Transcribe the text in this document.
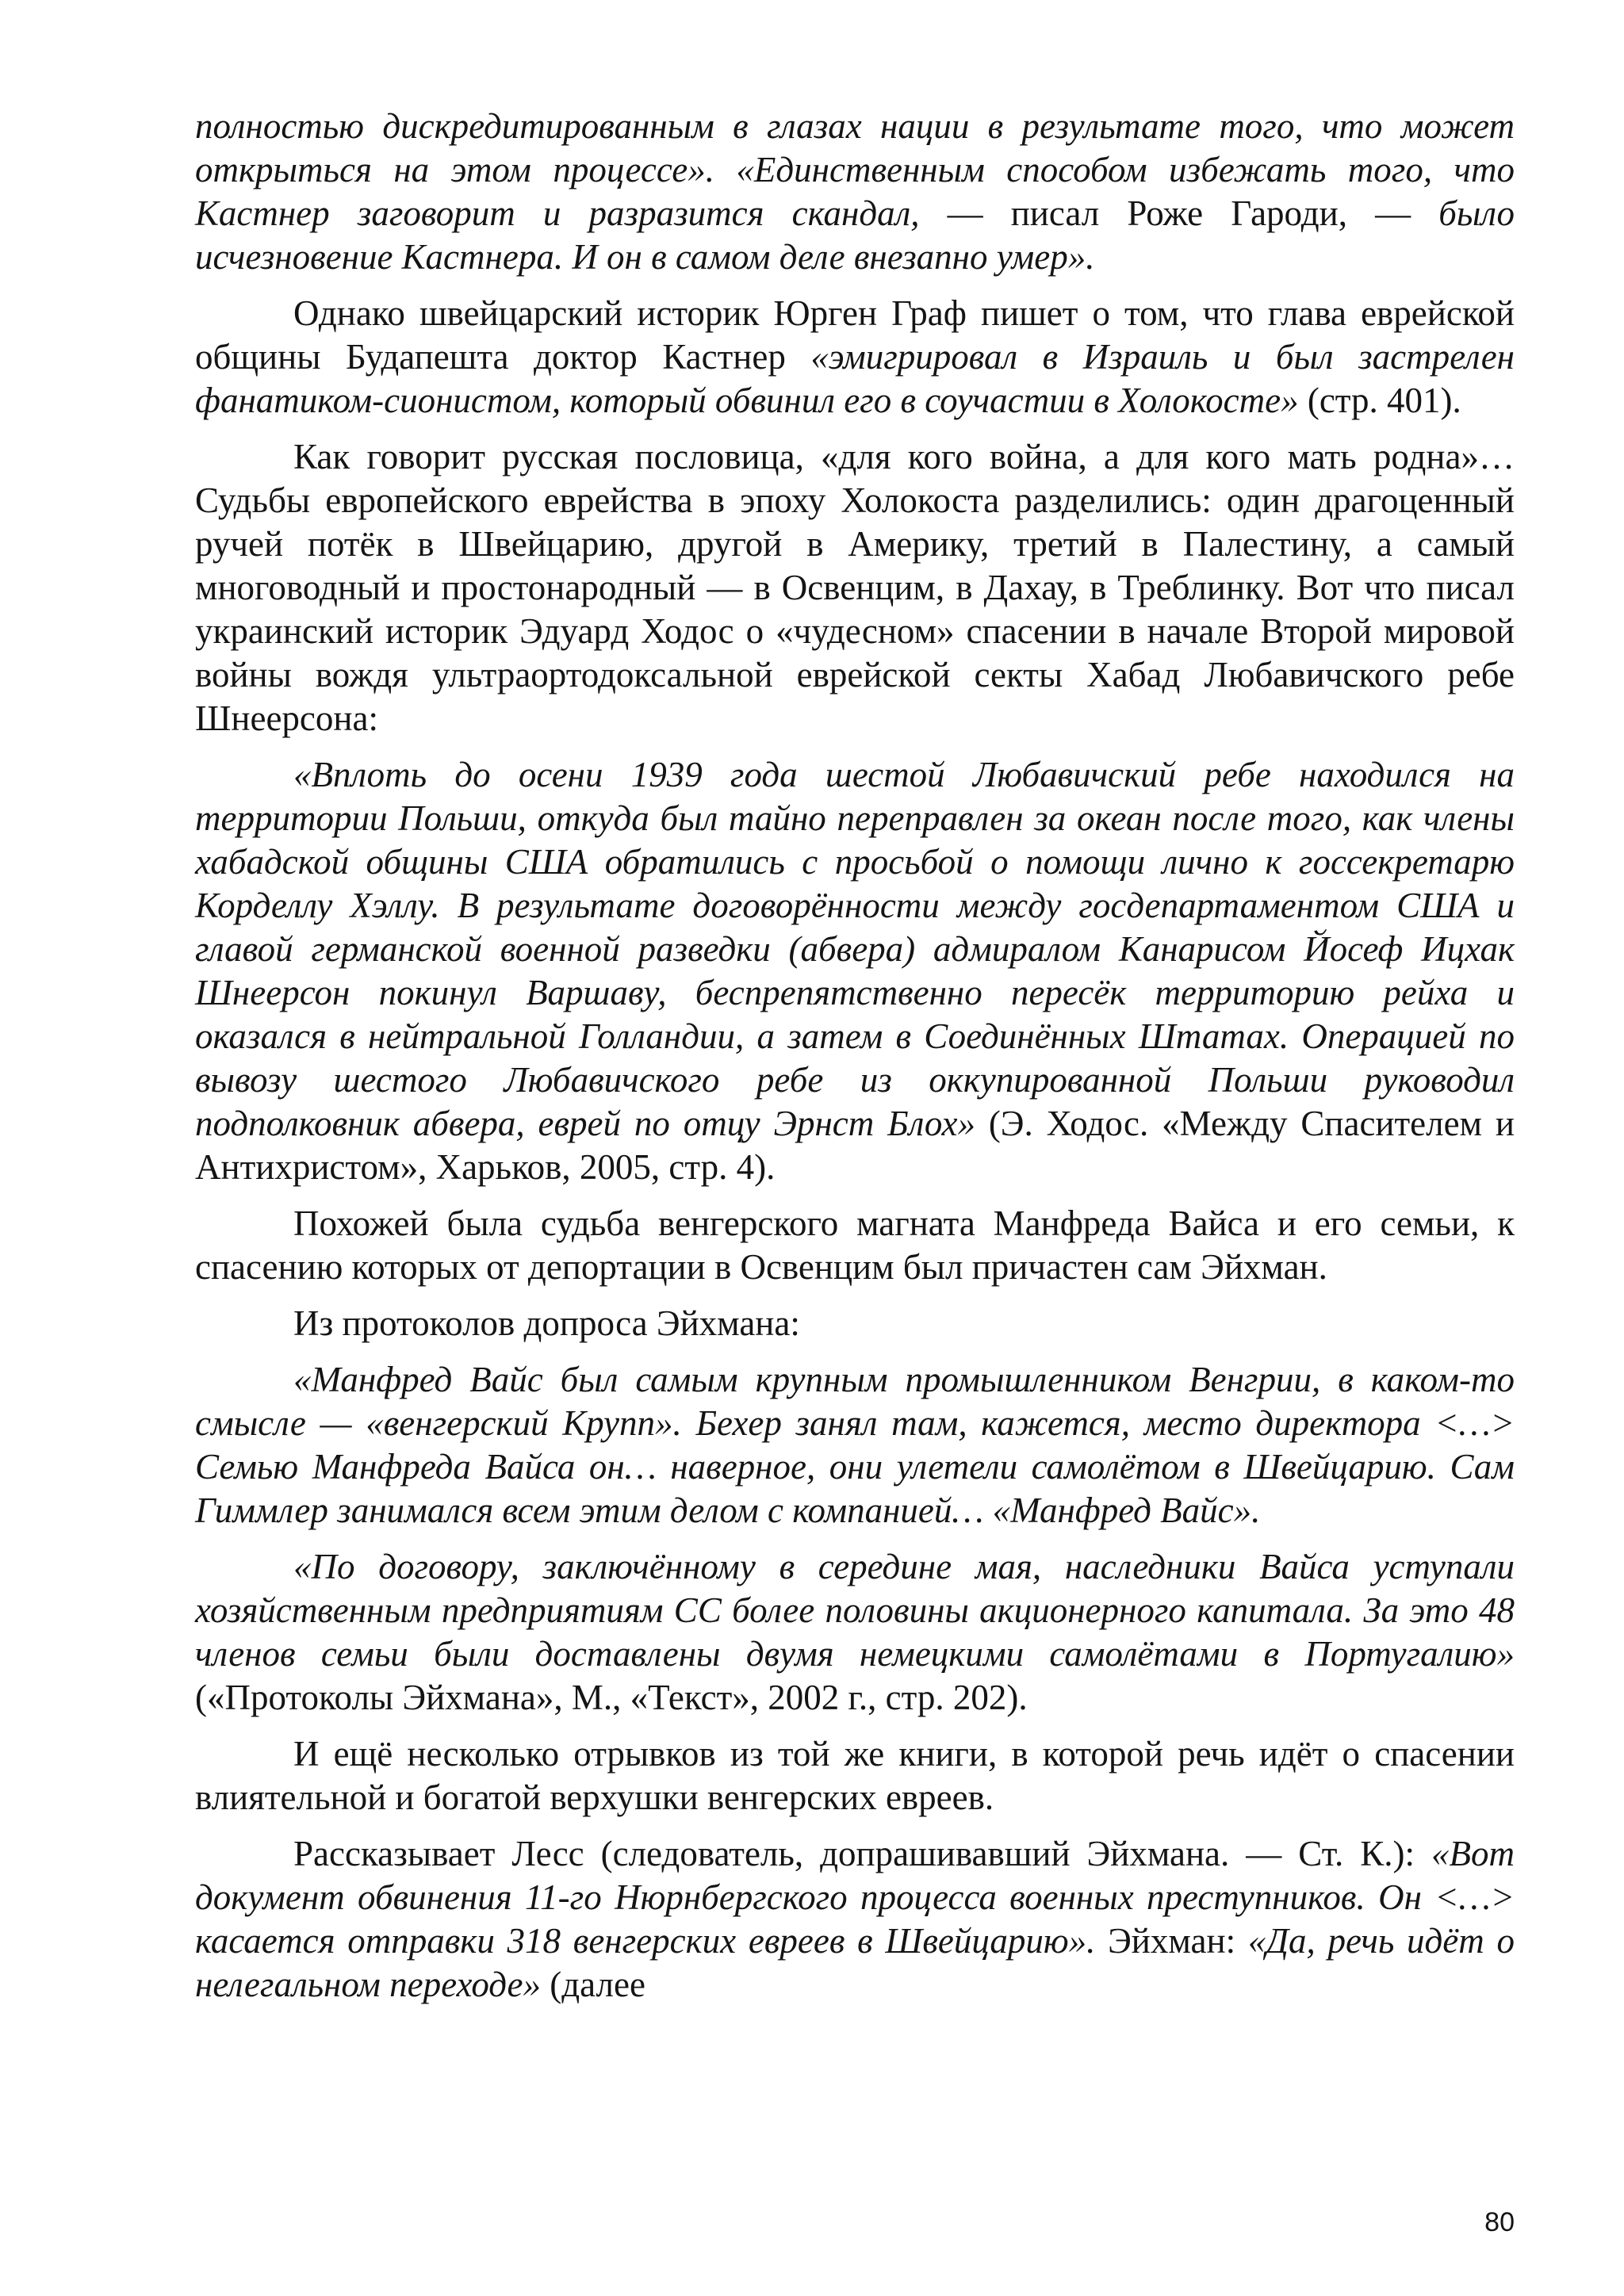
полностью дискредитированным в глазах нации в результате того, что может открыться на этом процессе». «Единственным способом избежать того, что Кастнер заговорит и разразится скандал, — писал Роже Гароди, — было исчезновение Кастнера. И он в самом деле внезапно умер».

Однако швейцарский историк Юрген Граф пишет о том, что глава еврейской общины Будапешта доктор Кастнер «эмигрировал в Израиль и был застрелен фанатиком-сионистом, который обвинил его в соучастии в Холокосте» (стр. 401).

Как говорит русская пословица, «для кого война, а для кого мать родна»… Судьбы европейского еврейства в эпоху Холокоста разделились: один драгоценный ручей потёк в Швейцарию, другой в Америку, третий в Палестину, а самый многоводный и простонародный — в Освенцим, в Дахау, в Треблинку. Вот что писал украинский историк Эдуард Ходос о «чудесном» спасении в начале Второй мировой войны вождя ультраортодоксальной еврейской секты Хабад Любавичского ребе Шнеерсона:

«Вплоть до осени 1939 года шестой Любавичский ребе находился на территории Польши, откуда был тайно переправлен за океан после того, как члены хабадской общины США обратились с просьбой о помощи лично к госсекретарю Корделлу Хэллу. В результате договорённости между госдепартаментом США и главой германской военной разведки (абвера) адмиралом Канарисом Йосеф Ицхак Шнеерсон покинул Варшаву, беспрепятственно пересёк территорию рейха и оказался в нейтральной Голландии, а затем в Соединённых Штатах. Операцией по вывозу шестого Любавичского ребе из оккупированной Польши руководил подполковник абвера, еврей по отцу Эрнст Блох» (Э. Ходос. «Между Спасителем и Антихристом», Харьков, 2005, стр. 4).

Похожей была судьба венгерского магната Манфреда Вайса и его семьи, к спасению которых от депортации в Освенцим был причастен сам Эйхман.

Из протоколов допроса Эйхмана:

«Манфред Вайс был самым крупным промышленником Венгрии, в каком-то смысле — «венгерский Крупп». Бехер занял там, кажется, место директора <…> Семью Манфреда Вайса он… наверное, они улетели самолётом в Швейцарию. Сам Гиммлер занимался всем этим делом с компанией… «Манфред Вайс».

«По договору, заключённому в середине мая, наследники Вайса уступали хозяйственным предприятиям СС более половины акционерного капитала. За это 48 членов семьи были доставлены двумя немецкими самолётами в Португалию» («Протоколы Эйхмана», М., «Текст», 2002 г., стр. 202).

И ещё несколько отрывков из той же книги, в которой речь идёт о спасении влиятельной и богатой верхушки венгерских евреев.

Рассказывает Лесс (следователь, допрашивавший Эйхмана. — Ст. К.): «Вот документ обвинения 11-го Нюрнбергского процесса военных преступников. Он <…> касается отправки 318 венгерских евреев в Швейцарию». Эйхман: «Да, речь идёт о нелегальном переходе» (далее

80
